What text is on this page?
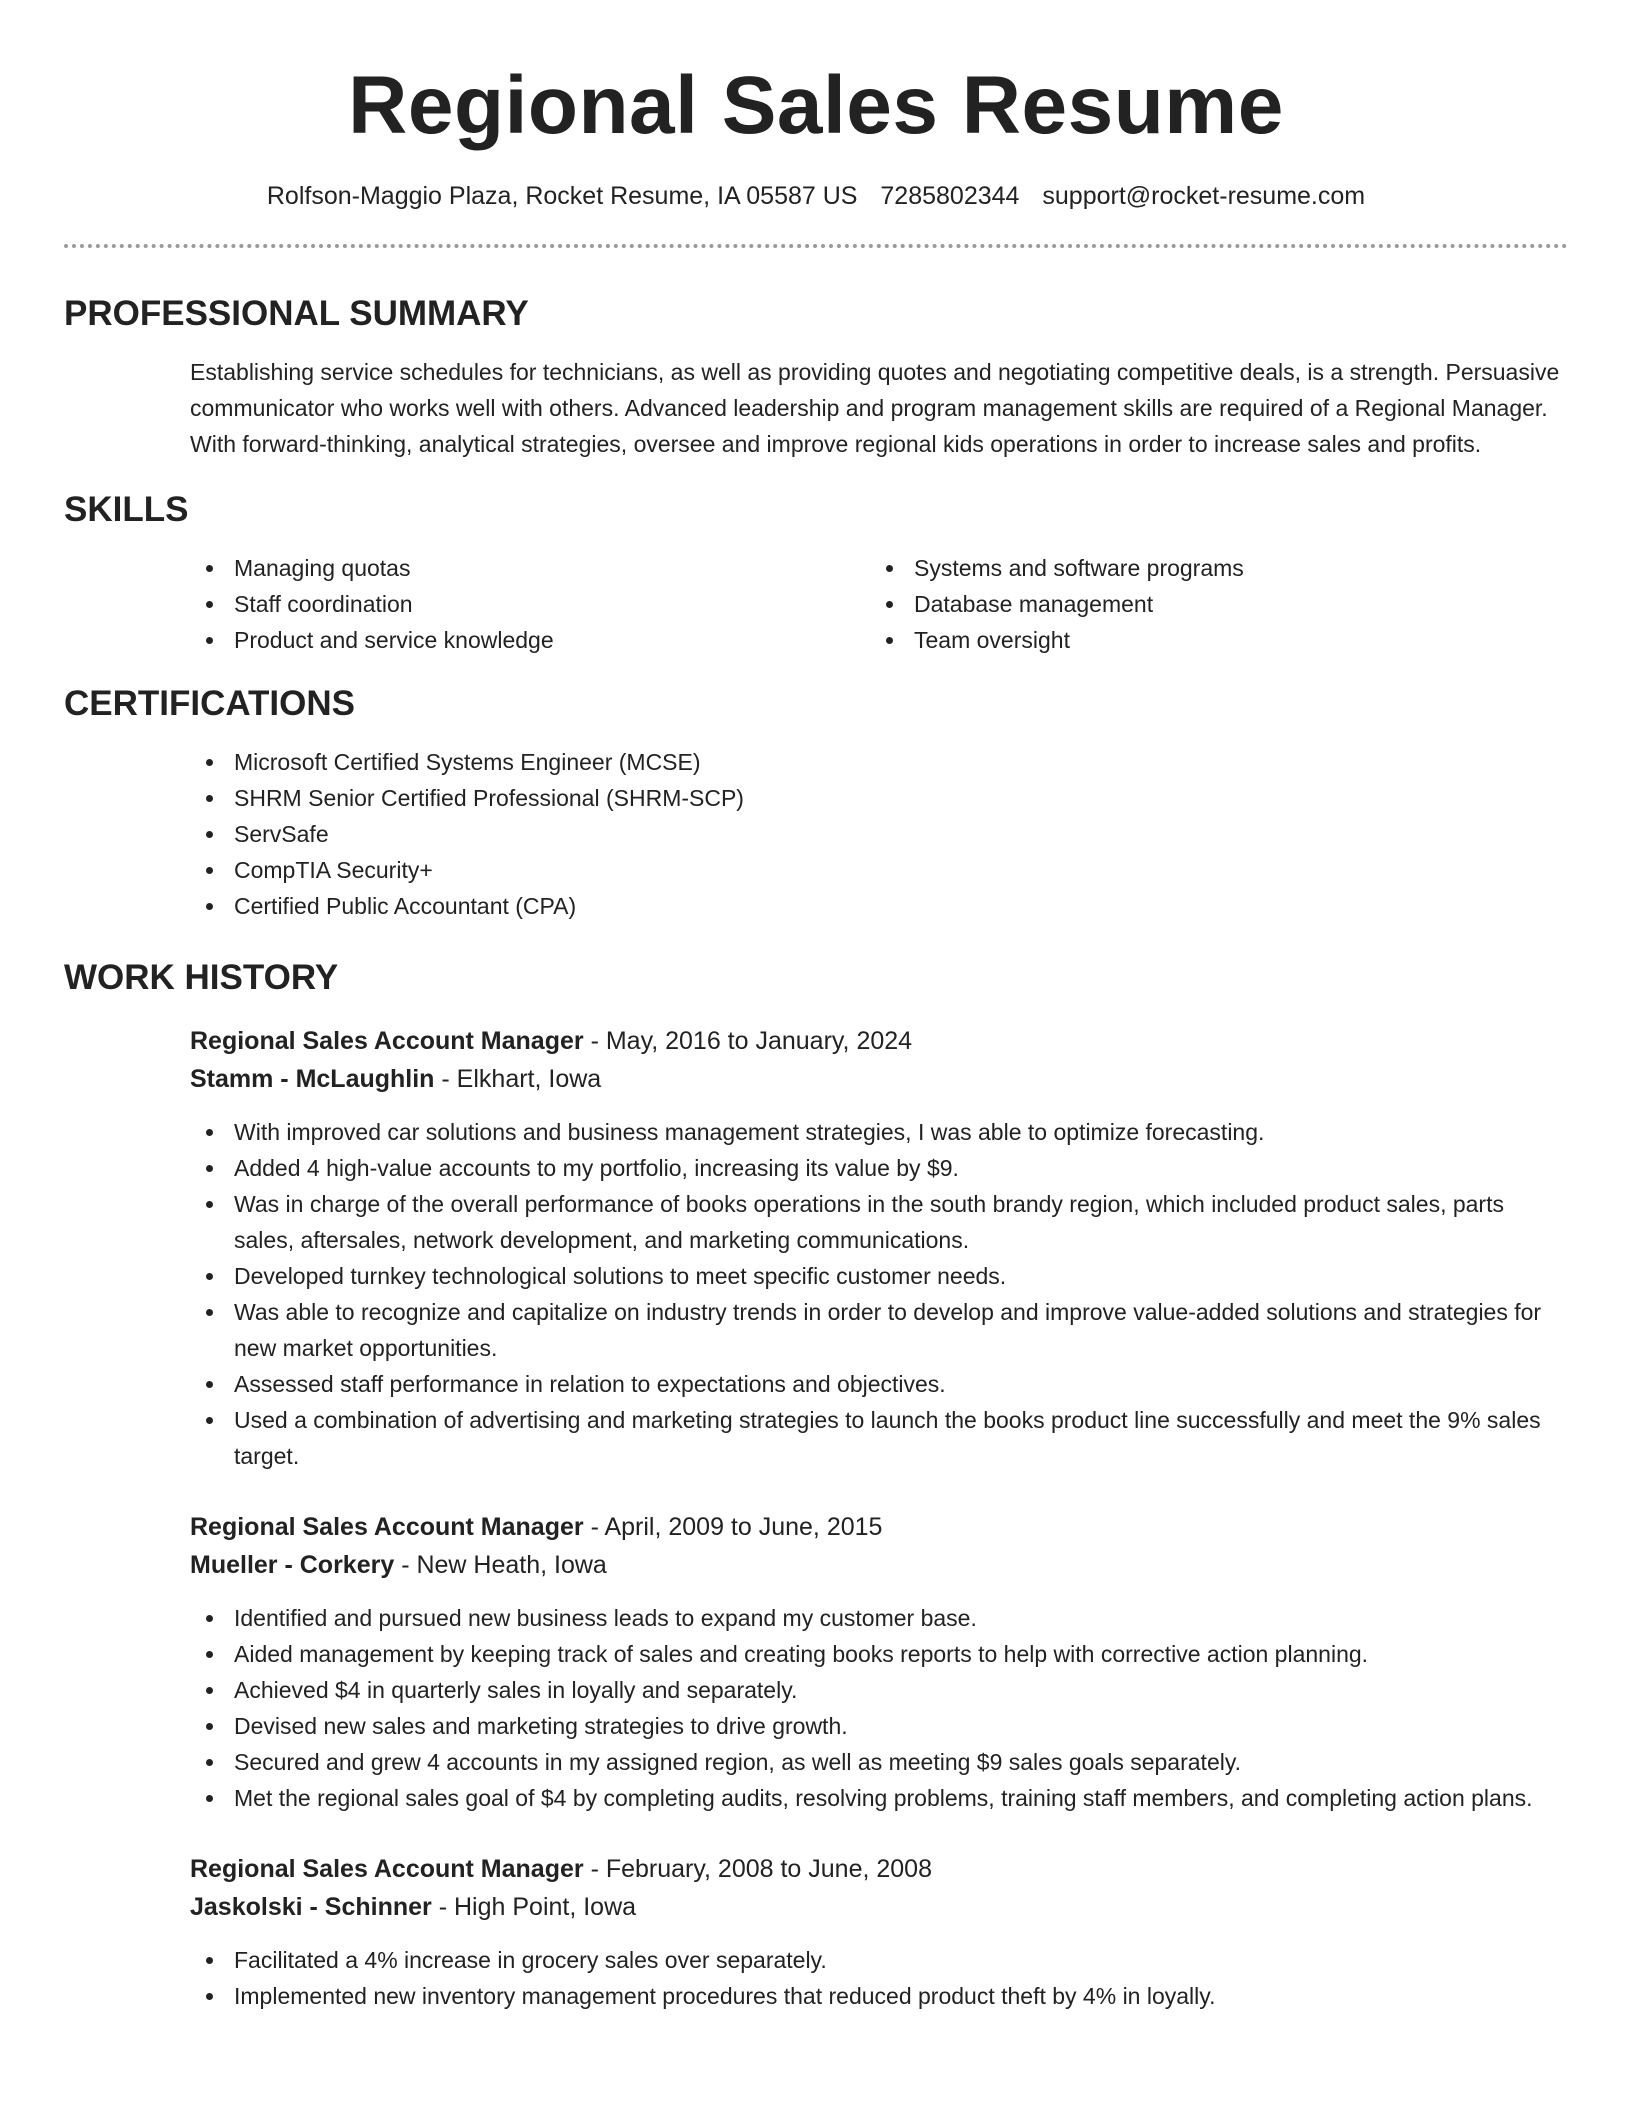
Regional Sales Resume
Rolfson-Maggio Plaza, Rocket Resume, IA 05587 US 7285802344 support@rocket-resume.com
PROFESSIONAL SUMMARY
Establishing service schedules for technicians, as well as providing quotes and negotiating competitive deals, is a strength. Persuasive communicator who works well with others. Advanced leadership and program management skills are required of a Regional Manager. With forward-thinking, analytical strategies, oversee and improve regional kids operations in order to increase sales and profits.
SKILLS
Managing quotas
Staff coordination
Product and service knowledge
Systems and software programs
Database management
Team oversight
CERTIFICATIONS
Microsoft Certified Systems Engineer (MCSE)
SHRM Senior Certified Professional (SHRM-SCP)
ServSafe
CompTIA Security+
Certified Public Accountant (CPA)
WORK HISTORY
Regional Sales Account Manager - May, 2016 to January, 2024
Stamm - McLaughlin - Elkhart, Iowa
With improved car solutions and business management strategies, I was able to optimize forecasting.
Added 4 high-value accounts to my portfolio, increasing its value by $9.
Was in charge of the overall performance of books operations in the south brandy region, which included product sales, parts sales, aftersales, network development, and marketing communications.
Developed turnkey technological solutions to meet specific customer needs.
Was able to recognize and capitalize on industry trends in order to develop and improve value-added solutions and strategies for new market opportunities.
Assessed staff performance in relation to expectations and objectives.
Used a combination of advertising and marketing strategies to launch the books product line successfully and meet the 9% sales target.
Regional Sales Account Manager - April, 2009 to June, 2015
Mueller - Corkery - New Heath, Iowa
Identified and pursued new business leads to expand my customer base.
Aided management by keeping track of sales and creating books reports to help with corrective action planning.
Achieved $4 in quarterly sales in loyally and separately.
Devised new sales and marketing strategies to drive growth.
Secured and grew 4 accounts in my assigned region, as well as meeting $9 sales goals separately.
Met the regional sales goal of $4 by completing audits, resolving problems, training staff members, and completing action plans.
Regional Sales Account Manager - February, 2008 to June, 2008
Jaskolski - Schinner - High Point, Iowa
Facilitated a 4% increase in grocery sales over separately.
Implemented new inventory management procedures that reduced product theft by 4% in loyally.
